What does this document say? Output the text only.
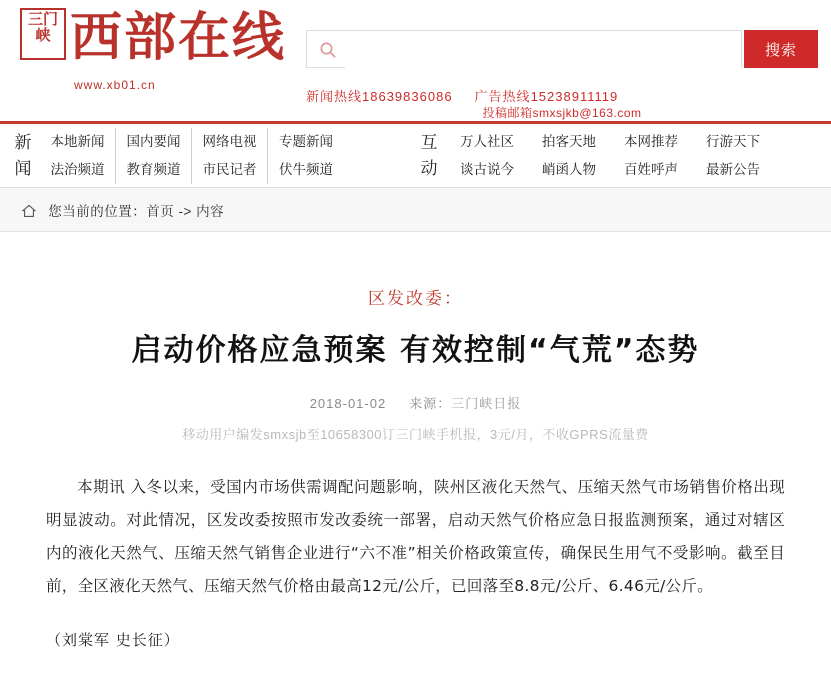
三门
峡 西部在线
www.xb01.cn
搜索
新闻热线18639836086 广告热线15238911119
投稿邮箱smxsjkb@163.com
新
闻
本地新闻	国内要闻	网络电视	专题新闻
法治频道	教育频道	市民记者	伏牛频道
互
动
万人社区	拍客天地	本网推荐	行游天下
谈古说今	峭函人物	百姓呼声	最新公告
您当前的位置：首页 -> 内容
区发改委：
启动价格应急预案 有效控制“气荒”态势
2018-01-02 来源：三门峡日报
移动用户编发smxsjb至10658300订三门峡手机报，3元/月，不收GPRS流量费
本期讯 入冬以来，受国内市场供需调配问题影响，陕州区液化天然气、压缩天然气市场销售价格出现明显波动。对此情况，区发改委按照市发改委统一部署，启动天然气价格应急日报监测预案，通过对辖区内的液化天然气、压缩天然气销售企业进行“六不准”相关价格政策宣传，确保民生用气不受影响。截至目前，全区液化天然气、压缩天然气价格由最高12元/公斤，已回落至8.8元/公斤、6.46元/公斤。
（刘棠军 史长征）
